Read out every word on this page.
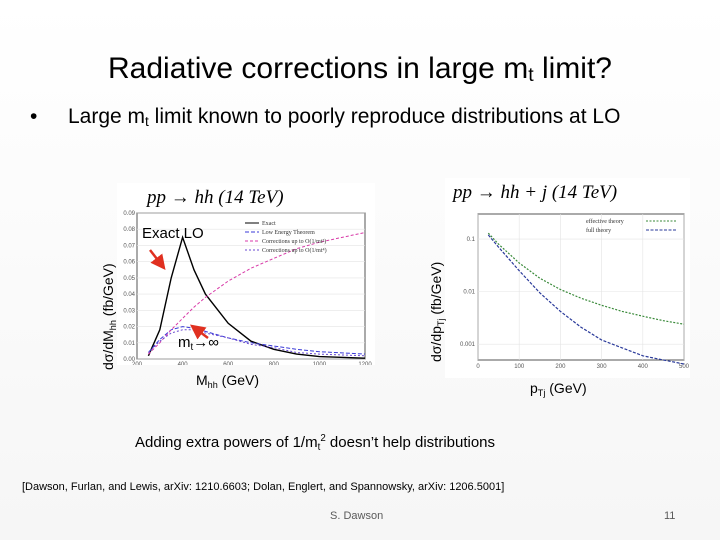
Radiative corrections in large $m_t$ limit?
• Large $m_t$ limit known to poorly reproduce distributions at LO
pp → hh (14 TeV)
0.09
0.08
0.07
0.06
0.05
0.04
0.03
0.02
0.01
0.00
200	400	600	800	1000	1200
Exact
Low Energy Theorem
Corrections up to O(1/mt²)
Corrections up to O(1/mt⁴)
$d\sigma/dM_{hh}$ (fb/GeV)
$M_{hh}$ (GeV)
pp → hh + j (14 TeV)
0.1
0.01
0.001
0	100	200	300	400	500
effective theory
full theory
$d\sigma/dp_{Tj}$ (fb/GeV)
$p_{Tj}$ (GeV)
Exact LO
$m_t\to\infty$
Adding extra powers of $1/m_t^2$ doesn’t help distributions
[Dawson, Furlan, and Lewis, arXiv: 1210.6603; Dolan, Englert, and Spannowsky, arXiv: 1206.5001]
S. Dawson	11
